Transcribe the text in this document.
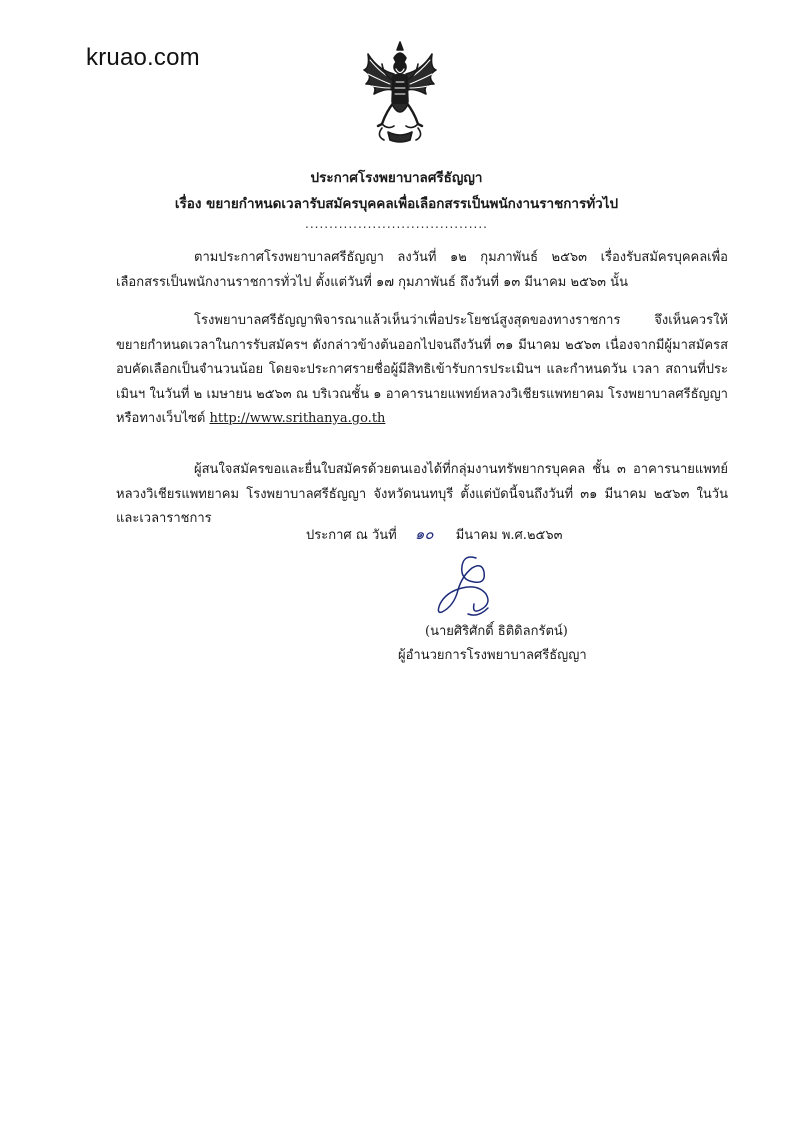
kruao.com
ประกาศโรงพยาบาลศรีธัญญา
เรื่อง ขยายกำหนดเวลารับสมัครบุคคลเพื่อเลือกสรรเป็นพนักงานราชการทั่วไป
......................................

ตามประกาศโรงพยาบาลศรีธัญญา ลงวันที่ ๑๒ กุมภาพันธ์ ๒๕๖๓ เรื่องรับสมัครบุคคลเพื่อเลือกสรรเป็นพนักงานราชการทั่วไป ตั้งแต่วันที่ ๑๗ กุมภาพันธ์ ถึงวันที่ ๑๓ มีนาคม ๒๕๖๓ นั้น

โรงพยาบาลศรีธัญญาพิจารณาแล้วเห็นว่าเพื่อประโยชน์สูงสุดของทางราชการ จึงเห็นควรให้ขยายกำหนดเวลาในการรับสมัครฯ ดังกล่าวข้างต้นออกไปจนถึงวันที่ ๓๑ มีนาคม ๒๕๖๓ เนื่องจากมีผู้มาสมัครสอบคัดเลือกเป็นจำนวนน้อย โดยจะประกาศรายชื่อผู้มีสิทธิเข้ารับการประเมินฯ และกำหนดวัน เวลา สถานที่ประเมินฯ ในวันที่ ๒ เมษายน ๒๕๖๓ ณ บริเวณชั้น ๑ อาคารนายแพทย์หลวงวิเชียรแพทยาคม โรงพยาบาลศรีธัญญา หรือทางเว็บไซต์ http://www.srithanya.go.th

ผู้สนใจสมัครขอและยื่นใบสมัครด้วยตนเองได้ที่กลุ่มงานทรัพยากรบุคคล ชั้น ๓ อาคารนายแพทย์หลวงวิเชียรแพทยาคม โรงพยาบาลศรีธัญญา จังหวัดนนทบุรี ตั้งแต่บัดนี้จนถึงวันที่ ๓๑ มีนาคม ๒๕๖๓ ในวันและเวลาราชการ

ประกาศ ณ วันที่ ๑๐ มีนาคม พ.ศ.๒๕๖๓
(นายศิริศักดิ์ ธิติดิลกรัตน์)
ผู้อำนวยการโรงพยาบาลศรีธัญญา
